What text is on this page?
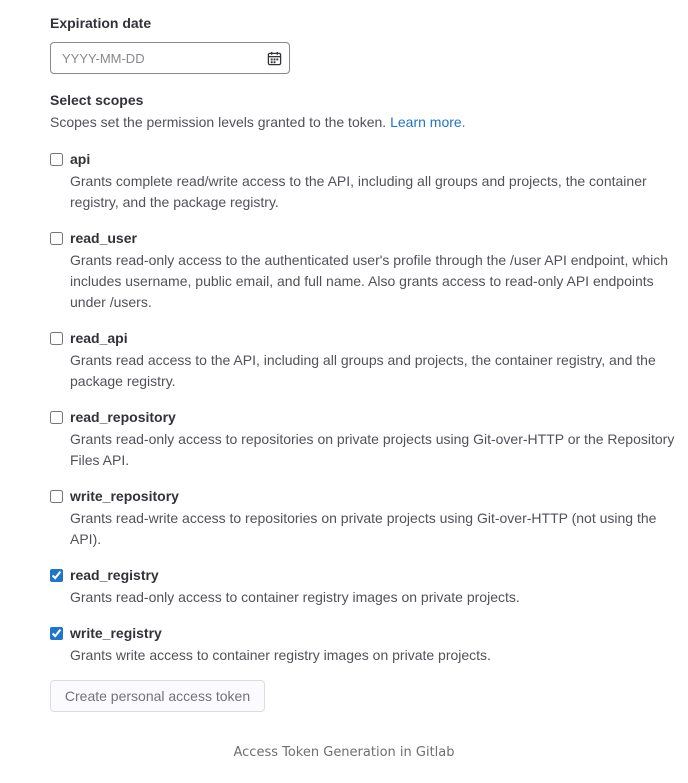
Expiration date
YYYY-MM-DD
Select scopes
Scopes set the permission levels granted to the token. Learn more.
api
Grants complete read/write access to the API, including all groups and projects, the container registry, and the package registry.
read_user
Grants read-only access to the authenticated user's profile through the /user API endpoint, which includes username, public email, and full name. Also grants access to read-only API endpoints under /users.
read_api
Grants read access to the API, including all groups and projects, the container registry, and the package registry.
read_repository
Grants read-only access to repositories on private projects using Git-over-HTTP or the Repository Files API.
write_repository
Grants read-write access to repositories on private projects using Git-over-HTTP (not using the API).
read_registry
Grants read-only access to container registry images on private projects.
write_registry
Grants write access to container registry images on private projects.
Create personal access token
Access Token Generation in Gitlab
